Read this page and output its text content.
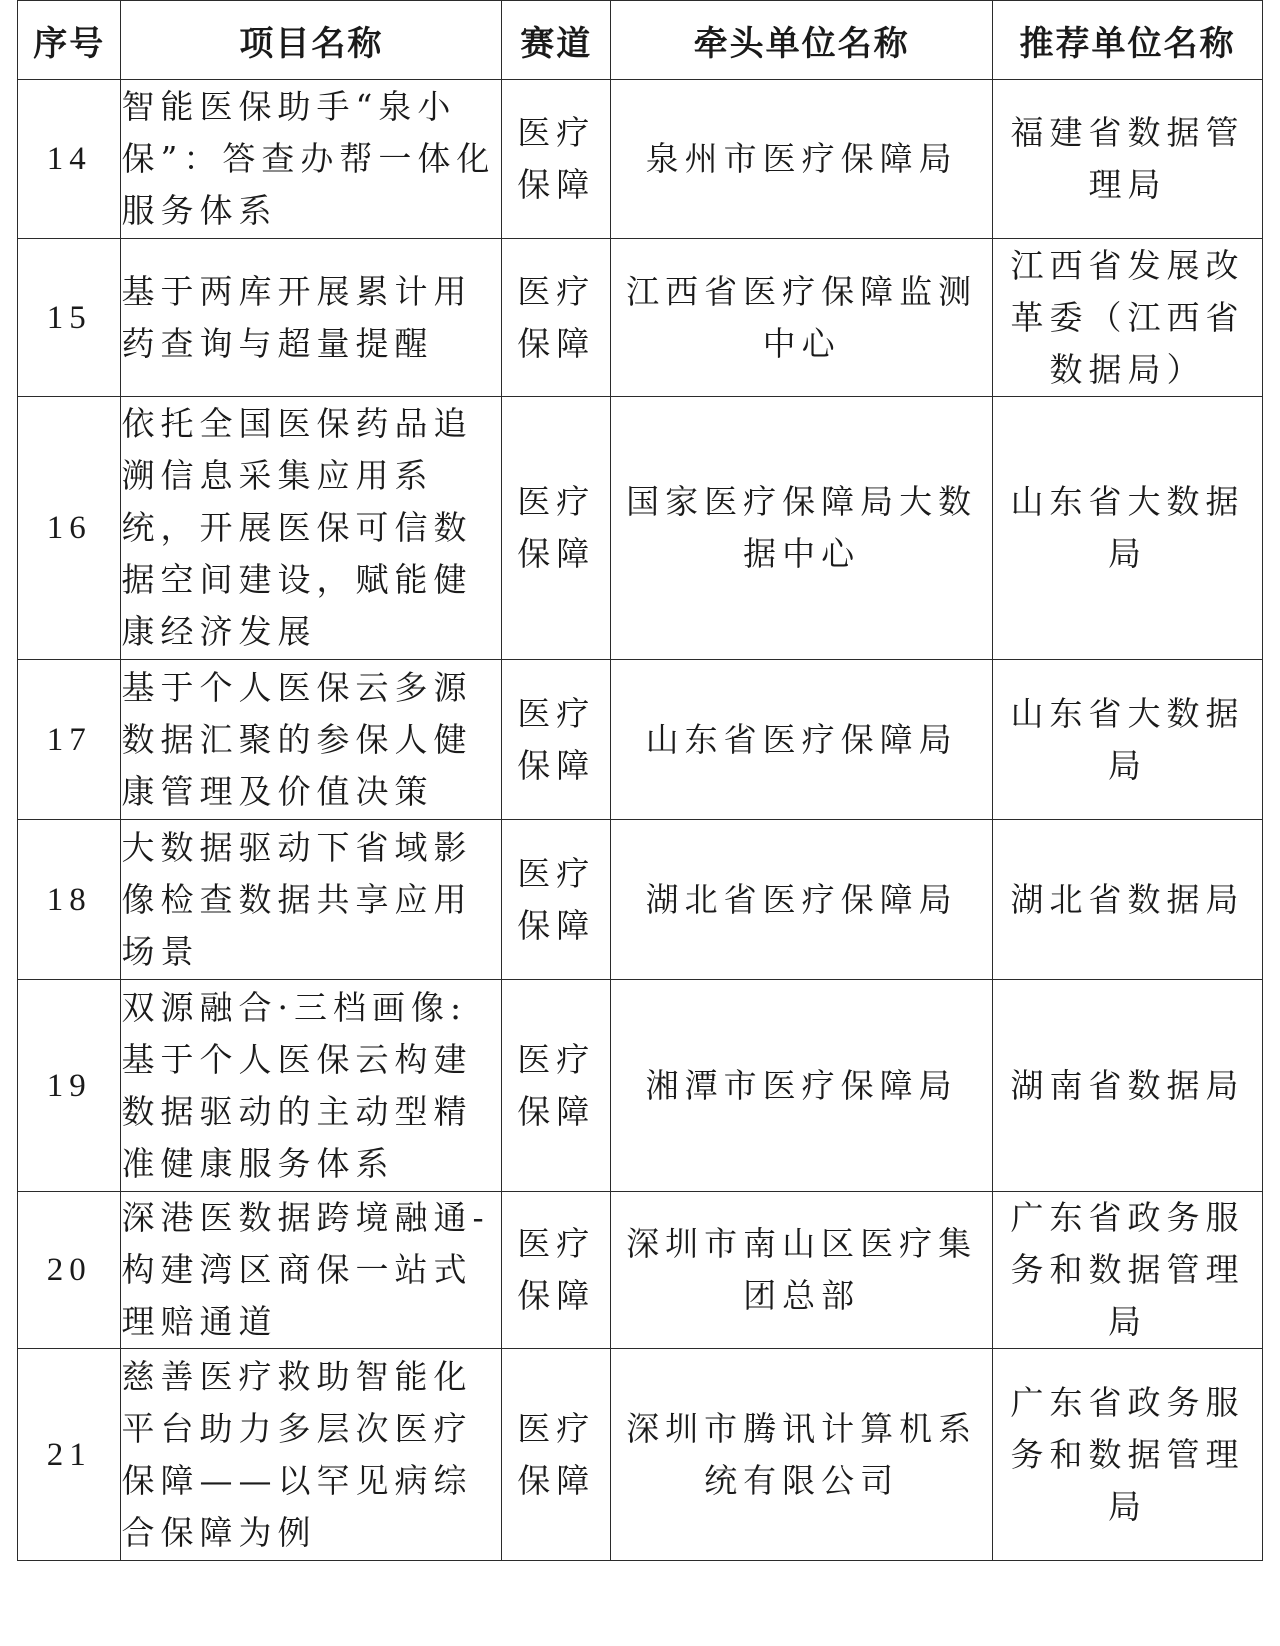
序号	项目名称	赛道	牵头单位名称	推荐单位名称
14	智能医保助手“泉小保”：答查办帮一体化服务体系	医疗保障	泉州市医疗保障局	福建省数据管理局
15	基于两库开展累计用药查询与超量提醒	医疗保障	江西省医疗保障监测中心	江西省发展改革委（江西省数据局）
16	依托全国医保药品追溯信息采集应用系统，开展医保可信数据空间建设，赋能健康经济发展	医疗保障	国家医疗保障局大数据中心	山东省大数据局
17	基于个人医保云多源数据汇聚的参保人健康管理及价值决策	医疗保障	山东省医疗保障局	山东省大数据局
18	大数据驱动下省域影像检查数据共享应用场景	医疗保障	湖北省医疗保障局	湖北省数据局
19	双源融合·三档画像:基于个人医保云构建数据驱动的主动型精准健康服务体系	医疗保障	湘潭市医疗保障局	湖南省数据局
20	深港医数据跨境融通-构建湾区商保一站式理赔通道	医疗保障	深圳市南山区医疗集团总部	广东省政务服务和数据管理局
21	慈善医疗救助智能化平台助力多层次医疗保障——以罕见病综合保障为例	医疗保障	深圳市腾讯计算机系统有限公司	广东省政务服务和数据管理局
